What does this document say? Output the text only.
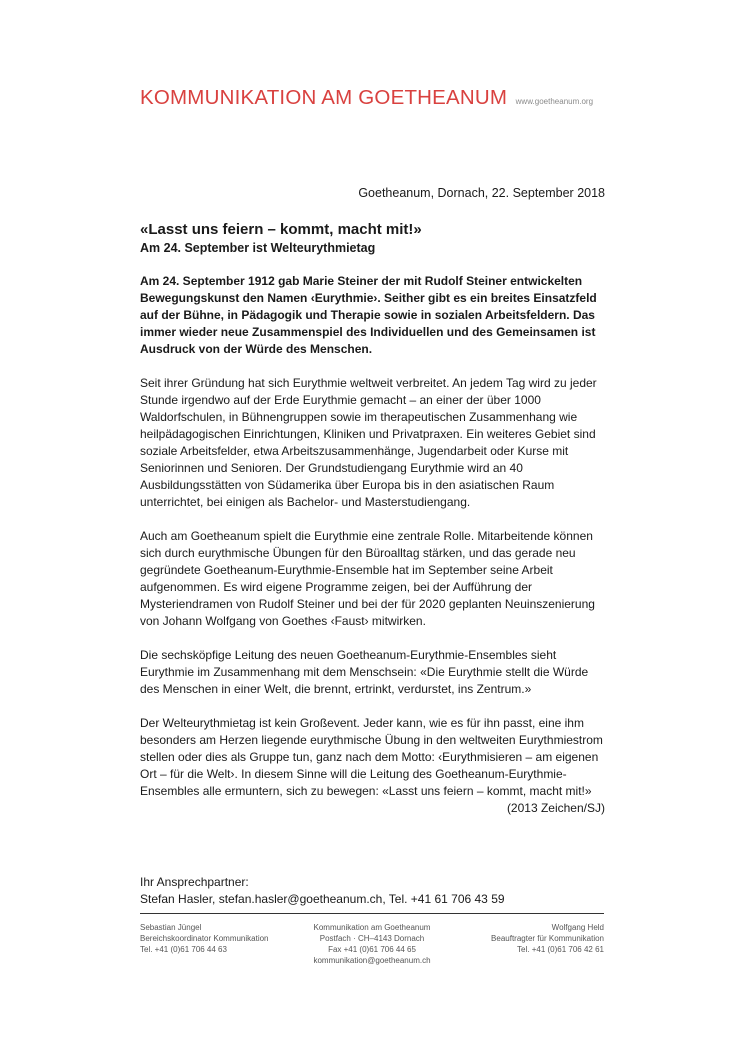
KOMMUNIKATION AM GOETHEANUM www.goetheanum.org
Goetheanum, Dornach, 22. September 2018
«Lasst uns feiern – kommt, macht mit!»
Am 24. September ist Welteurythmietag

Am 24. September 1912 gab Marie Steiner der mit Rudolf Steiner entwickelten Bewegungskunst den Namen ‹Eurythmie›. Seither gibt es ein breites Einsatzfeld auf der Bühne, in Pädagogik und Therapie sowie in sozialen Arbeitsfeldern. Das immer wieder neue Zusammenspiel des Individuellen und des Gemeinsamen ist Ausdruck von der Würde des Menschen.

Seit ihrer Gründung hat sich Eurythmie weltweit verbreitet. An jedem Tag wird zu jeder Stunde irgendwo auf der Erde Eurythmie gemacht – an einer der über 1000 Waldorfschulen, in Bühnengruppen sowie im therapeutischen Zusammenhang wie heilpädagogischen Einrichtungen, Kliniken und Privatpraxen. Ein weiteres Gebiet sind soziale Arbeitsfelder, etwa Arbeitszusammenhänge, Jugendarbeit oder Kurse mit Seniorinnen und Senioren. Der Grundstudiengang Eurythmie wird an 40 Ausbildungsstätten von Südamerika über Europa bis in den asiatischen Raum unterrichtet, bei einigen als Bachelor- und Masterstudiengang.

Auch am Goetheanum spielt die Eurythmie eine zentrale Rolle. Mitarbeitende können sich durch eurythmische Übungen für den Büroalltag stärken, und das gerade neu gegründete Goetheanum-Eurythmie-Ensemble hat im September seine Arbeit aufgenommen. Es wird eigene Programme zeigen, bei der Aufführung der Mysteriendramen von Rudolf Steiner und bei der für 2020 geplanten Neuinszenierung von Johann Wolfgang von Goethes ‹Faust› mitwirken.

Die sechsköpfige Leitung des neuen Goetheanum-Eurythmie-Ensembles sieht Eurythmie im Zusammenhang mit dem Menschsein: «Die Eurythmie stellt die Würde des Menschen in einer Welt, die brennt, ertrinkt, verdurstet, ins Zentrum.»

Der Welteurythmietag ist kein Großevent. Jeder kann, wie es für ihn passt, eine ihm besonders am Herzen liegende eurythmische Übung in den weltweiten Eurythmiestrom stellen oder dies als Gruppe tun, ganz nach dem Motto: ‹Eurythmisieren – am eigenen Ort – für die Welt›. In diesem Sinne will die Leitung des Goetheanum-Eurythmie-Ensembles alle ermuntern, sich zu bewegen: «Lasst uns feiern – kommt, macht mit!»

(2013 Zeichen/SJ)

Ihr Ansprechpartner:
Stefan Hasler, stefan.hasler@goetheanum.ch, Tel. +41 61 706 43 59
Sebastian Jüngel
Bereichskoordinator Kommunikation
Tel. +41 (0)61 706 44 63
Kommunikation am Goetheanum
Postfach · CH–4143 Dornach
Fax +41 (0)61 706 44 65
kommunikation@goetheanum.ch
Wolfgang Held
Beauftragter für Kommunikation
Tel. +41 (0)61 706 42 61
